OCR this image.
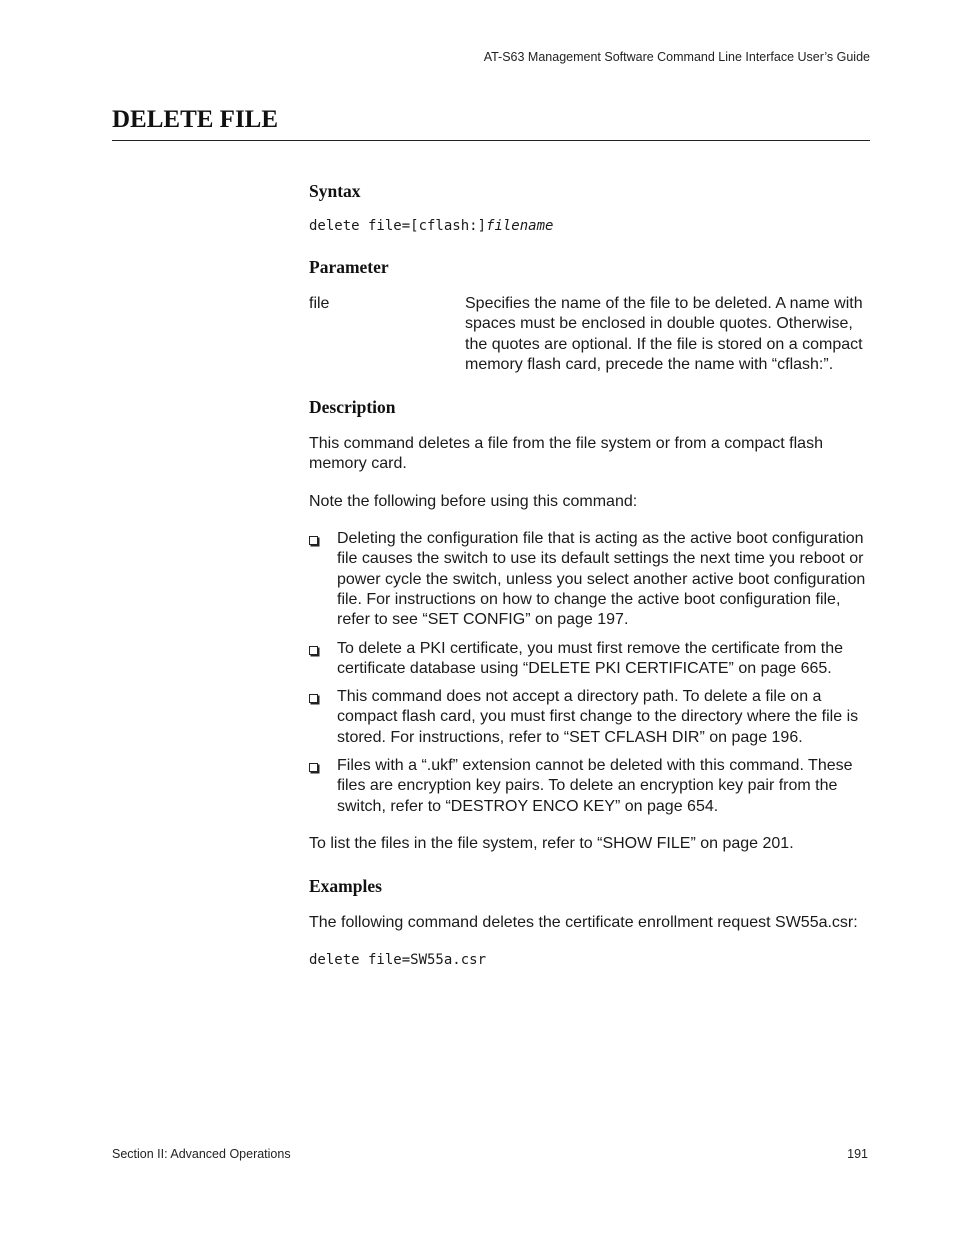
AT-S63 Management Software Command Line Interface User’s Guide
DELETE FILE
Syntax

delete file=[cflash:]filename

Parameter
file	Specifies the name of the file to be deleted. A name with spaces must be enclosed in double quotes. Otherwise, the quotes are optional. If the file is stored on a compact memory flash card, precede the name with “cflash:”.
Description

This command deletes a file from the file system or from a compact flash memory card.

Note the following before using this command:

Deleting the configuration file that is acting as the active boot configuration file causes the switch to use its default settings the next time you reboot or power cycle the switch, unless you select another active boot configuration file. For instructions on how to change the active boot configuration file, refer to see “SET CONFIG” on page 197.
To delete a PKI certificate, you must first remove the certificate from the certificate database using “DELETE PKI CERTIFICATE” on page 665.
This command does not accept a directory path. To delete a file on a compact flash card, you must first change to the directory where the file is stored. For instructions, refer to “SET CFLASH DIR” on page 196.
Files with a “.ukf” extension cannot be deleted with this command. These files are encryption key pairs. To delete an encryption key pair from the switch, refer to “DESTROY ENCO KEY” on page 654.

To list the files in the file system, refer to “SHOW FILE” on page 201.

Examples

The following command deletes the certificate enrollment request SW55a.csr:

delete file=SW55a.csr

Section II: Advanced Operations	191
